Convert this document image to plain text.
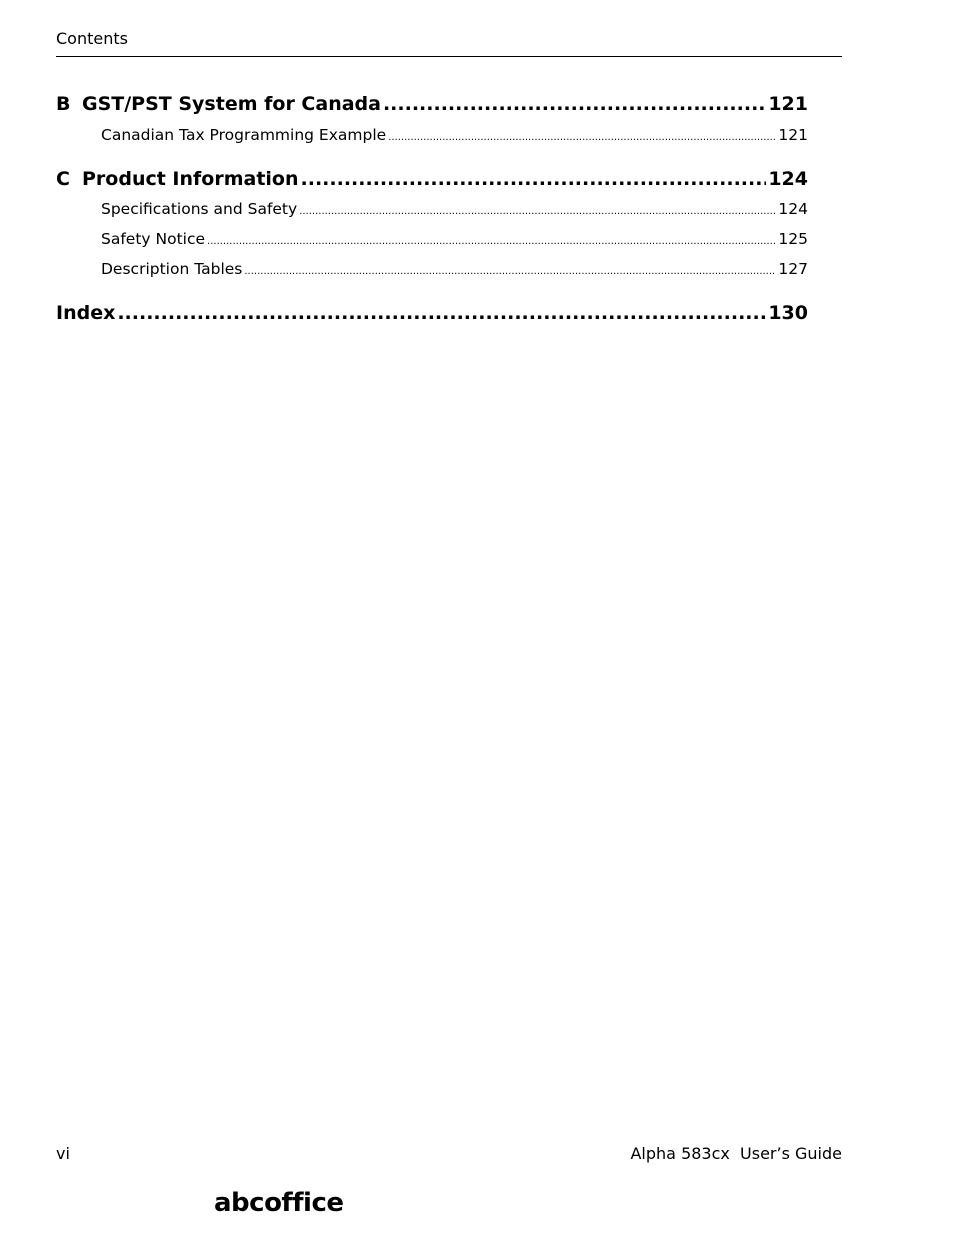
Contents
B GST/PST System for Canada .....	121
Canadian Tax Programming Example .....	121
C Product Information .....	124
Specifications and Safety .....	124
Safety Notice .....	125
Description Tables .....	127
Index .....	130
vi	Alpha 583cx  User’s Guide
abcoffice
